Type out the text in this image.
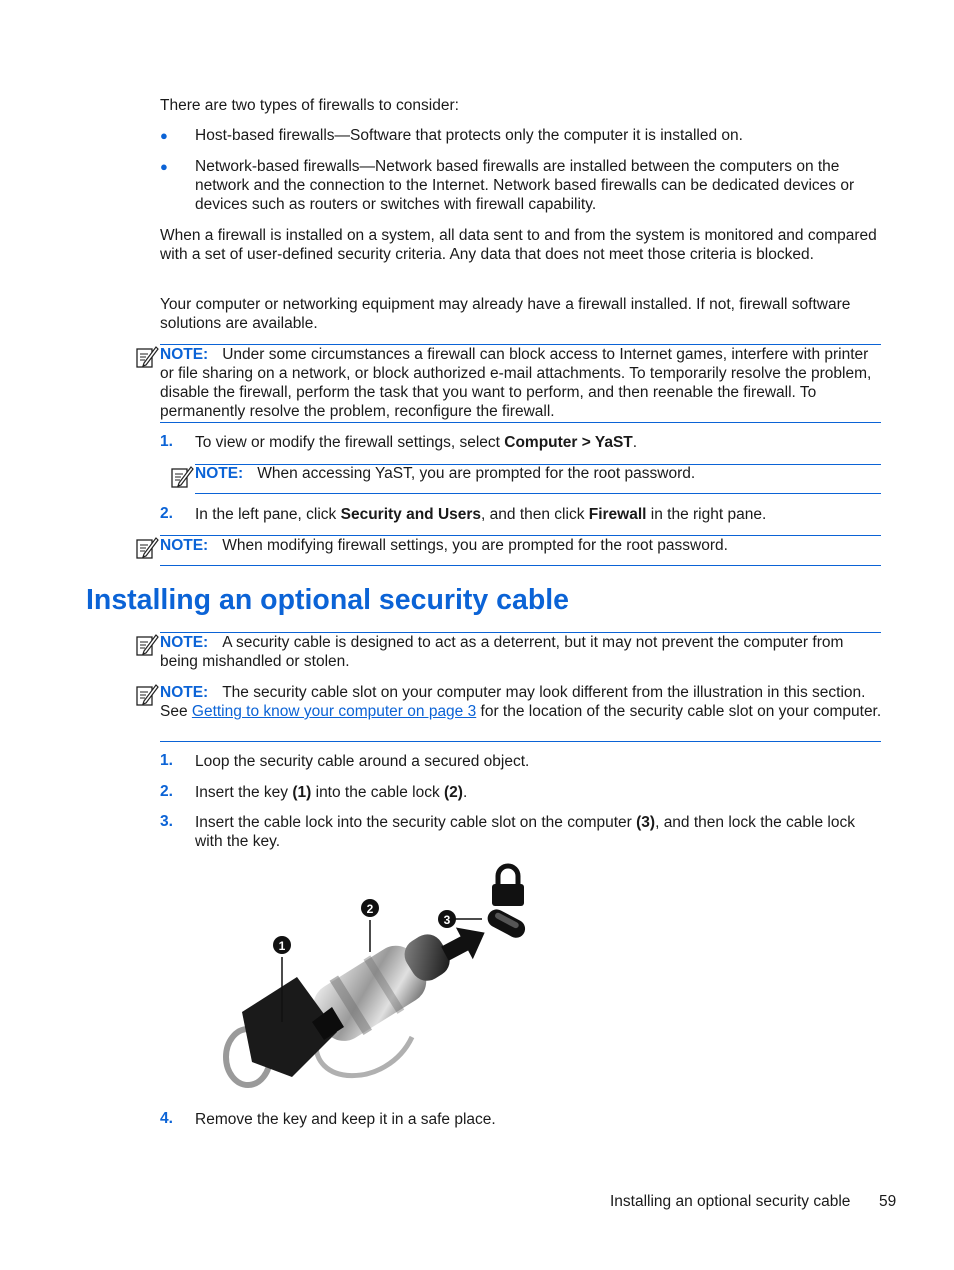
There are two types of firewalls to consider:
● Host-based firewalls—Software that protects only the computer it is installed on.
● Network-based firewalls—Network based firewalls are installed between the computers on the network and the connection to the Internet. Network based firewalls can be dedicated devices or devices such as routers or switches with firewall capability.
When a firewall is installed on a system, all data sent to and from the system is monitored and compared with a set of user-defined security criteria. Any data that does not meet those criteria is blocked.
Your computer or networking equipment may already have a firewall installed. If not, firewall software solutions are available.
NOTE: Under some circumstances a firewall can block access to Internet games, interfere with printer or file sharing on a network, or block authorized e-mail attachments. To temporarily resolve the problem, disable the firewall, perform the task that you want to perform, and then reenable the firewall. To permanently resolve the problem, reconfigure the firewall.
1. To view or modify the firewall settings, select Computer > YaST.
NOTE: When accessing YaST, you are prompted for the root password.
2. In the left pane, click Security and Users, and then click Firewall in the right pane.
NOTE: When modifying firewall settings, you are prompted for the root password.
Installing an optional security cable
NOTE: A security cable is designed to act as a deterrent, but it may not prevent the computer from being mishandled or stolen.
NOTE: The security cable slot on your computer may look different from the illustration in this section. See Getting to know your computer on page 3 for the location of the security cable slot on your computer.
1. Loop the security cable around a secured object.
2. Insert the key (1) into the cable lock (2).
3. Insert the cable lock into the security cable slot on the computer (3), and then lock the cable lock with the key.
1
2
3
4. Remove the key and keep it in a safe place.
Installing an optional security cable 59
